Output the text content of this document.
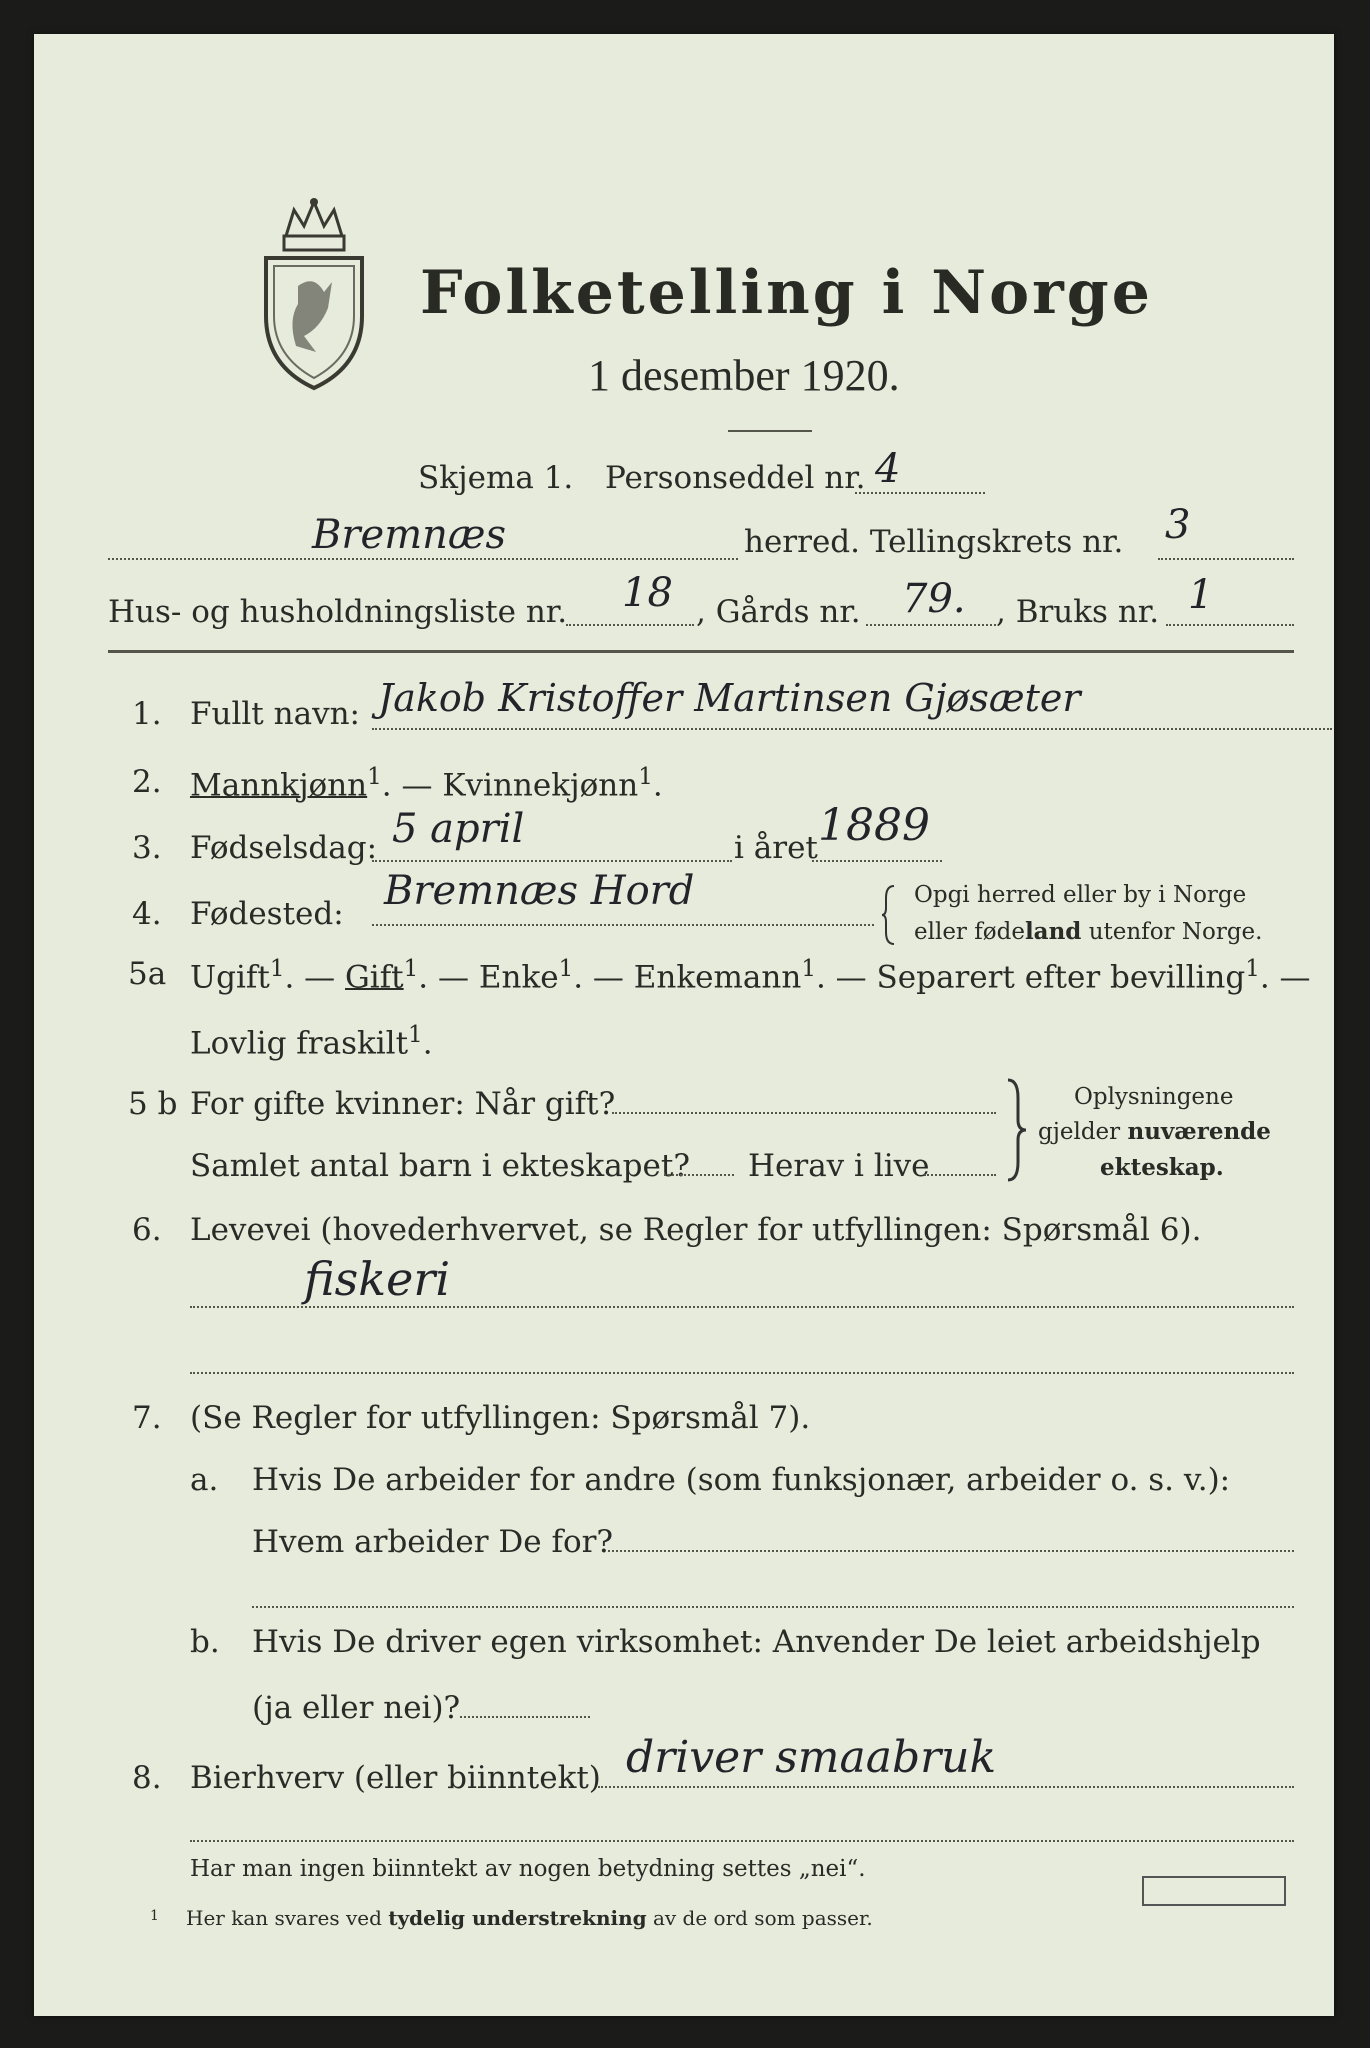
Folketelling i Norge
1 desember 1920.
Skjema 1. Personseddel nr. 4
Bremnæs	herred. Tellingskrets nr. 3
Hus- og husholdningsliste nr. 18 , Gårds nr. 79. , Bruks nr. 1
1. Fullt navn: Jakob Kristoffer Martinsen Gjøsæter
2. Mannkjønn$^1$. — Kvinnekjønn$^1$.
3. Fødselsdag: 5 april	i året 1889
4. Fødested: Bremnæs Hord	Opgi herred eller by i Norge
eller fødeland utenfor Norge.
5a Ugift$^1$. — Gift$^1$. — Enke$^1$. — Enkemann$^1$. — Separert efter bevilling$^1$. —
Lovlig fraskilt$^1$.
5 b For gifte kvinner: Når gift?
Samlet antal barn i ekteskapet? Herav i live
Oplysningene
gjelder nuværende
ekteskap.
6. Levevei (hovederhvervet, se Regler for utfyllingen: Spørsmål 6).
fiskeri
7. (Se Regler for utfyllingen: Spørsmål 7).
a. Hvis De arbeider for andre (som funksjonær, arbeider o. s. v.):
Hvem arbeider De for?
b. Hvis De driver egen virksomhet: Anvender De leiet arbeidshjelp
(ja eller nei)?
8. Bierhverv (eller biinntekt) driver smaabruk
Har man ingen biinntekt av nogen betydning settes „nei“.
1 Her kan svares ved tydelig understrekning av de ord som passer.
